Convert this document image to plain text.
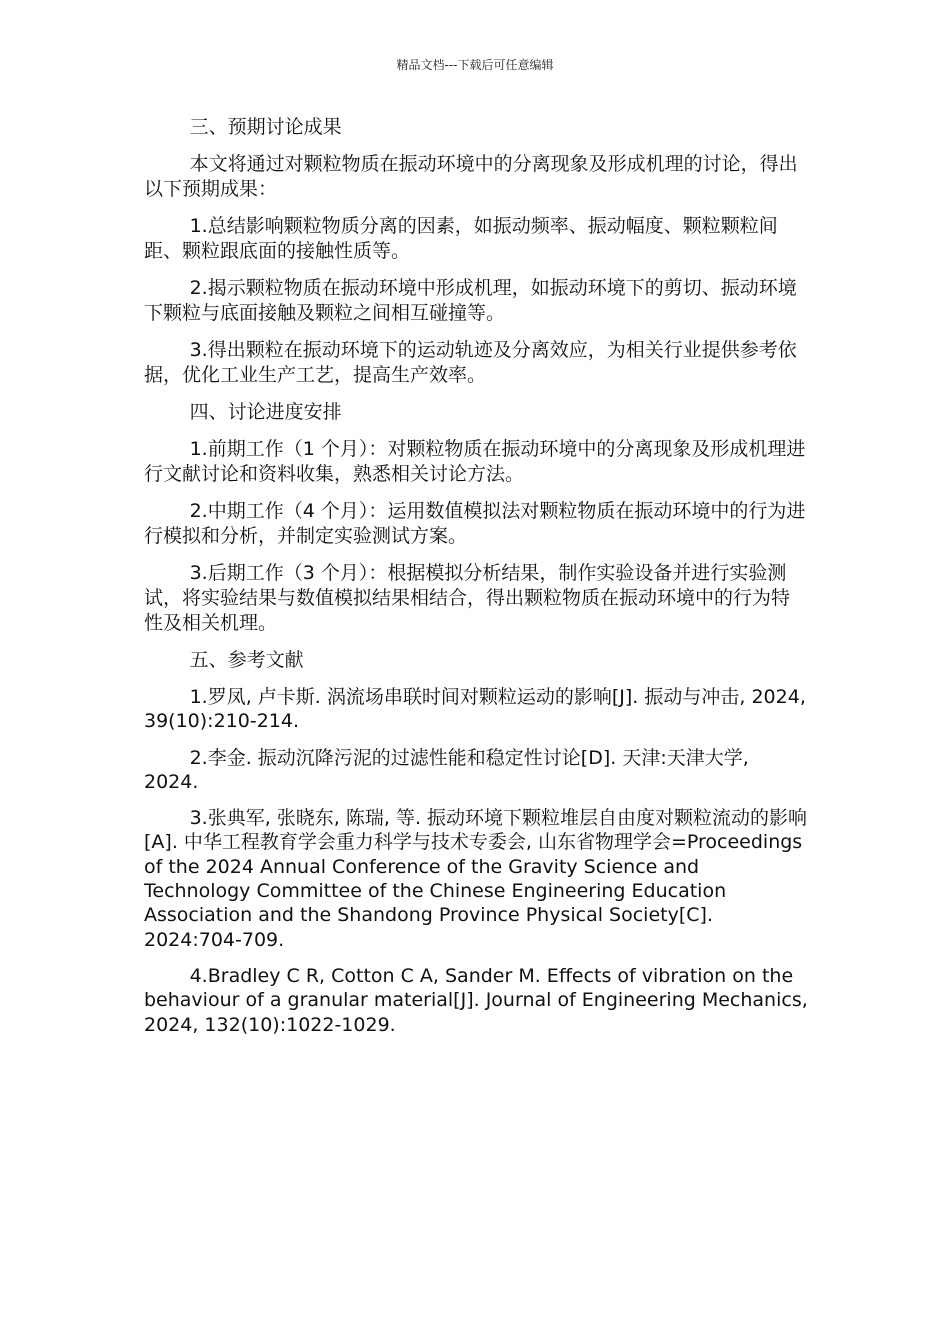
精品文档---下载后可任意编辑

三、预期讨论成果

本文将通过对颗粒物质在振动环境中的分离现象及形成机理的讨论，得出以下预期成果：

1.总结影响颗粒物质分离的因素，如振动频率、振动幅度、颗粒颗粒间距、颗粒跟底面的接触性质等。

2.揭示颗粒物质在振动环境中形成机理，如振动环境下的剪切、振动环境下颗粒与底面接触及颗粒之间相互碰撞等。

3.得出颗粒在振动环境下的运动轨迹及分离效应，为相关行业提供参考依据，优化工业生产工艺，提高生产效率。

四、讨论进度安排

1.前期工作（1 个月）：对颗粒物质在振动环境中的分离现象及形成机理进行文献讨论和资料收集，熟悉相关讨论方法。

2.中期工作（4 个月）：运用数值模拟法对颗粒物质在振动环境中的行为进行模拟和分析，并制定实验测试方案。

3.后期工作（3 个月）：根据模拟分析结果，制作实验设备并进行实验测试，将实验结果与数值模拟结果相结合，得出颗粒物质在振动环境中的行为特性及相关机理。

五、参考文献

1.罗凤, 卢卡斯. 涡流场串联时间对颗粒运动的影响[J]. 振动与冲击, 2024, 39(10):210-214.

2.李金. 振动沉降污泥的过滤性能和稳定性讨论[D]. 天津:天津大学, 2024.

3.张典军, 张晓东, 陈瑞, 等. 振动环境下颗粒堆层自由度对颗粒流动的影响[A]. 中华工程教育学会重力科学与技术专委会, 山东省物理学会=Proceedings of the 2024 Annual Conference of the Gravity Science and Technology Committee of the Chinese Engineering Education Association and the Shandong Province Physical Society[C]. 2024:704-709.

4.Bradley C R, Cotton C A, Sander M. Effects of vibration on the behaviour of a granular material[J]. Journal of Engineering Mechanics, 2024, 132(10):1022-1029.
